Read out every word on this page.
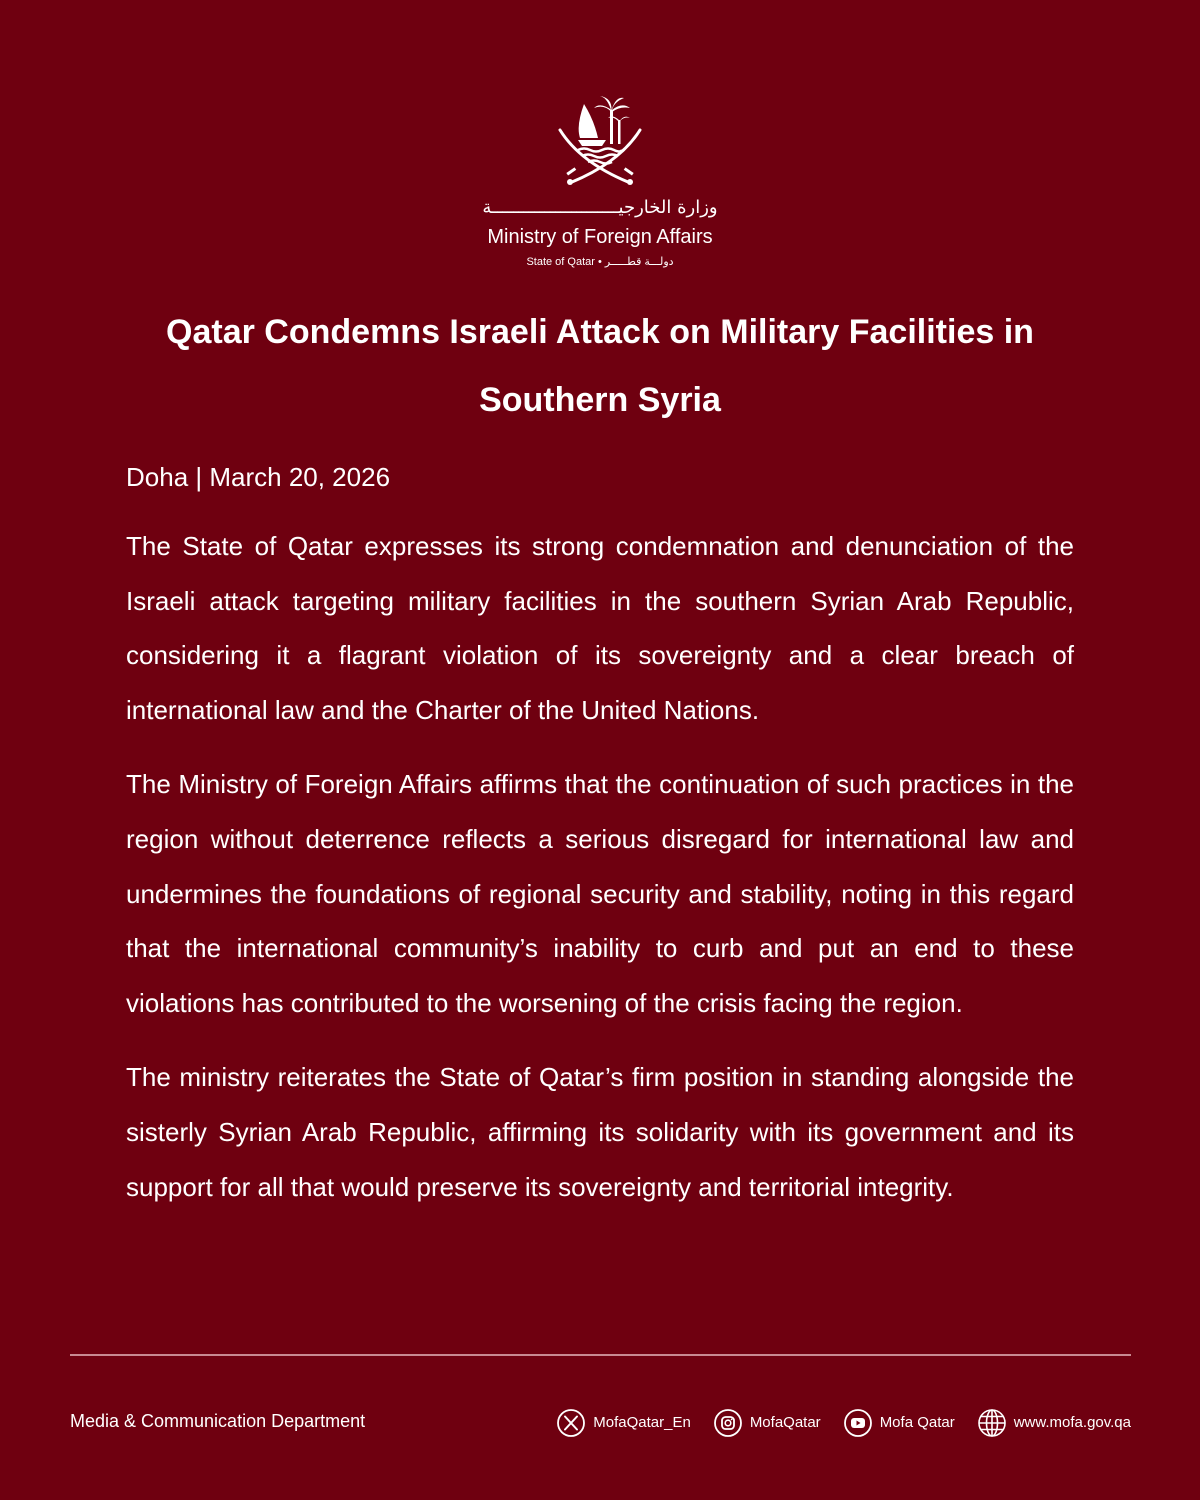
وزارة الخارجيــــــــــــــــــــــــة
Ministry of Foreign Affairs
State of Qatar • دولـــة قطـــــر
Qatar Condemns Israeli Attack on Military Facilities in Southern Syria

Doha | March 20, 2026

The State of Qatar expresses its strong condemnation and denunciation of the Israeli attack targeting military facilities in the southern Syrian Arab Republic, considering it a flagrant violation of its sovereignty and a clear breach of international law and the Charter of the United Nations.

The Ministry of Foreign Affairs affirms that the continuation of such practices in the region without deterrence reflects a serious disregard for international law and undermines the foundations of regional security and stability, noting in this regard that the international community’s inability to curb and put an end to these violations has contributed to the worsening of the crisis facing the region.

The ministry reiterates the State of Qatar’s firm position in standing alongside the sisterly Syrian Arab Republic, affirming its solidarity with its government and its support for all that would preserve its sovereignty and territorial integrity.

Media & Communication Department	MofaQatar_En	MofaQatar	Mofa Qatar	www.mofa.gov.qa
